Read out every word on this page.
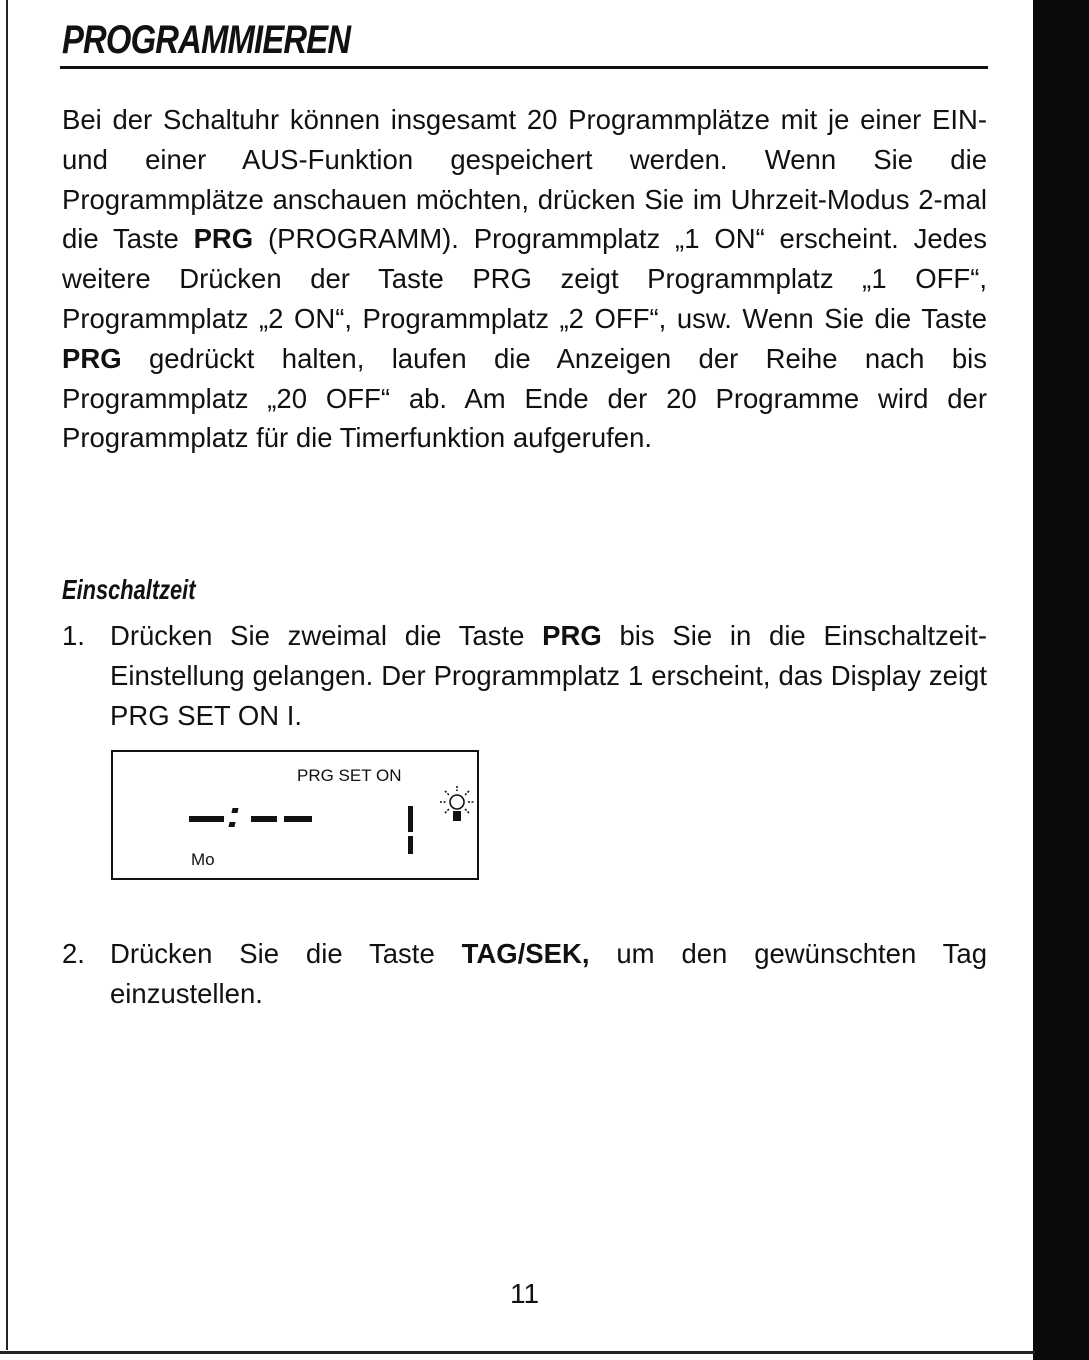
PROGRAMMIEREN

Bei der Schaltuhr können insgesamt 20 Programmplätze mit je einer EIN- und einer AUS-Funktion gespeichert werden. Wenn Sie die Programmplätze anschauen möchten, drücken Sie im Uhrzeit-Modus 2-mal die Taste PRG (PROGRAMM). Programmplatz „1 ON“ erscheint. Jedes weitere Drücken der Taste PRG zeigt Programmplatz „1 OFF“, Programmplatz „2 ON“, Programmplatz „2 OFF“, usw. Wenn Sie die Taste PRG gedrückt halten, laufen die Anzeigen der Reihe nach bis Programmplatz „20 OFF“ ab. Am Ende der 20 Programme wird der Programmplatz für die Timerfunktion aufgerufen.

Einschaltzeit
1. Drücken Sie zweimal die Taste PRG bis Sie in die Einschaltzeit-Einstellung gelangen. Der Programmplatz 1 erscheint, das Display zeigt PRG SET ON I.
PRG SET ON
Mo
2. Drücken Sie die Taste TAG/SEK, um den gewünschten Tag einzustellen.
11
